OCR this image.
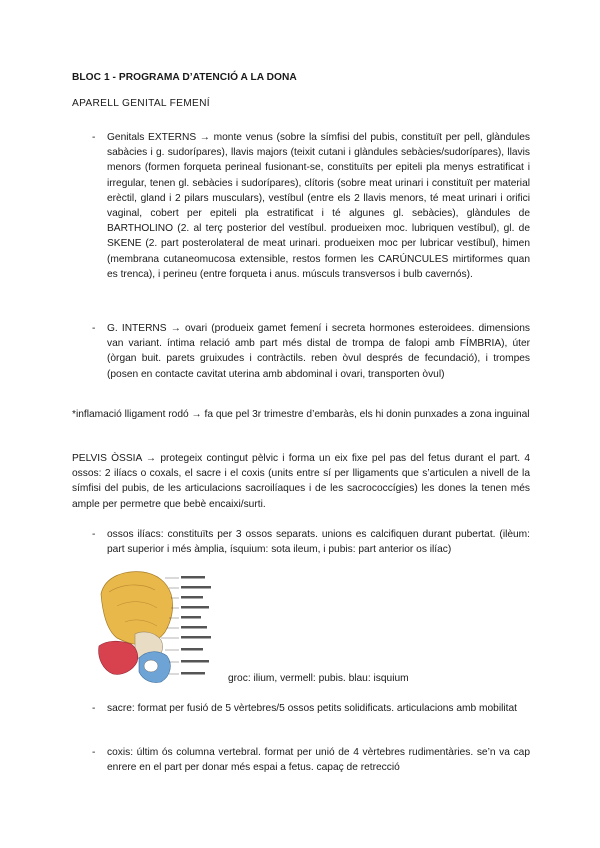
BLOC 1 - PROGRAMA D’ATENCIÓ A LA DONA
APARELL GENITAL FEMENÍ
- Genitals EXTERNS → monte venus (sobre la símfisi del pubis, constituït per pell, glàndules sabàcies i g. sudorípares), llavis majors (teixit cutani i glàndules sebàcies/sudorípares), llavis menors (formen forqueta perineal fusionant-se, constituïts per epiteli pla menys estratificat i irregular, tenen gl. sebàcies i sudorípares), clítoris (sobre meat urinari i constituït per material erèctil, gland i 2 pilars musculars), vestíbul (entre els 2 llavis menors, té meat urinari i orifici vaginal, cobert per epiteli pla estratificat i té algunes gl. sebàcies), glàndules de BARTHOLINO (2. al terç posterior del vestíbul. produeixen moc. lubriquen vestíbul), gl. de SKENE (2. part posterolateral de meat urinari. produeixen moc per lubricar vestíbul), himen (membrana cutaneomucosa extensible, restos formen les CARÚNCULES mirtiformes quan es trenca), i perineu (entre forqueta i anus. músculs transversos i bulb cavernós).
- G. INTERNS → ovari (produeix gamet femení i secreta hormones esteroidees. dimensions van variant. íntima relació amb part més distal de trompa de falopi amb FÍMBRIA), úter (òrgan buit. parets gruixudes i contràctils. reben òvul després de fecundació), i trompes (posen en contacte cavitat uterina amb abdominal i ovari, transporten òvul)
*inflamació lligament rodó → fa que pel 3r trimestre d’embaràs, els hi donin punxades a zona inguinal
PELVIS ÒSSIA → protegeix contingut pèlvic i forma un eix fixe pel pas del fetus durant el part. 4 ossos: 2 ilíacs o coxals, el sacre i el coxis (units entre sí per lligaments que s’articulen a nivell de la símfisi del pubis, de les articulacions sacroilíaques i de les sacrococcígies) les dones la tenen més ample per permetre que bebè encaixi/surti.
- ossos ilíacs: constituïts per 3 ossos separats. unions es calcifiquen durant pubertat. (ilèum: part superior i més àmplia, ísquium: sota ileum, i pubis: part anterior os ilíac)
groc: ilium, vermell: pubis. blau: isquium
- sacre: format per fusió de 5 vèrtebres/5 ossos petits solidificats. articulacions amb mobilitat
- coxis: últim ós columna vertebral. format per unió de 4 vèrtebres rudimentàries. se’n va cap enrere en el part per donar més espai a fetus. capaç de retrecció
